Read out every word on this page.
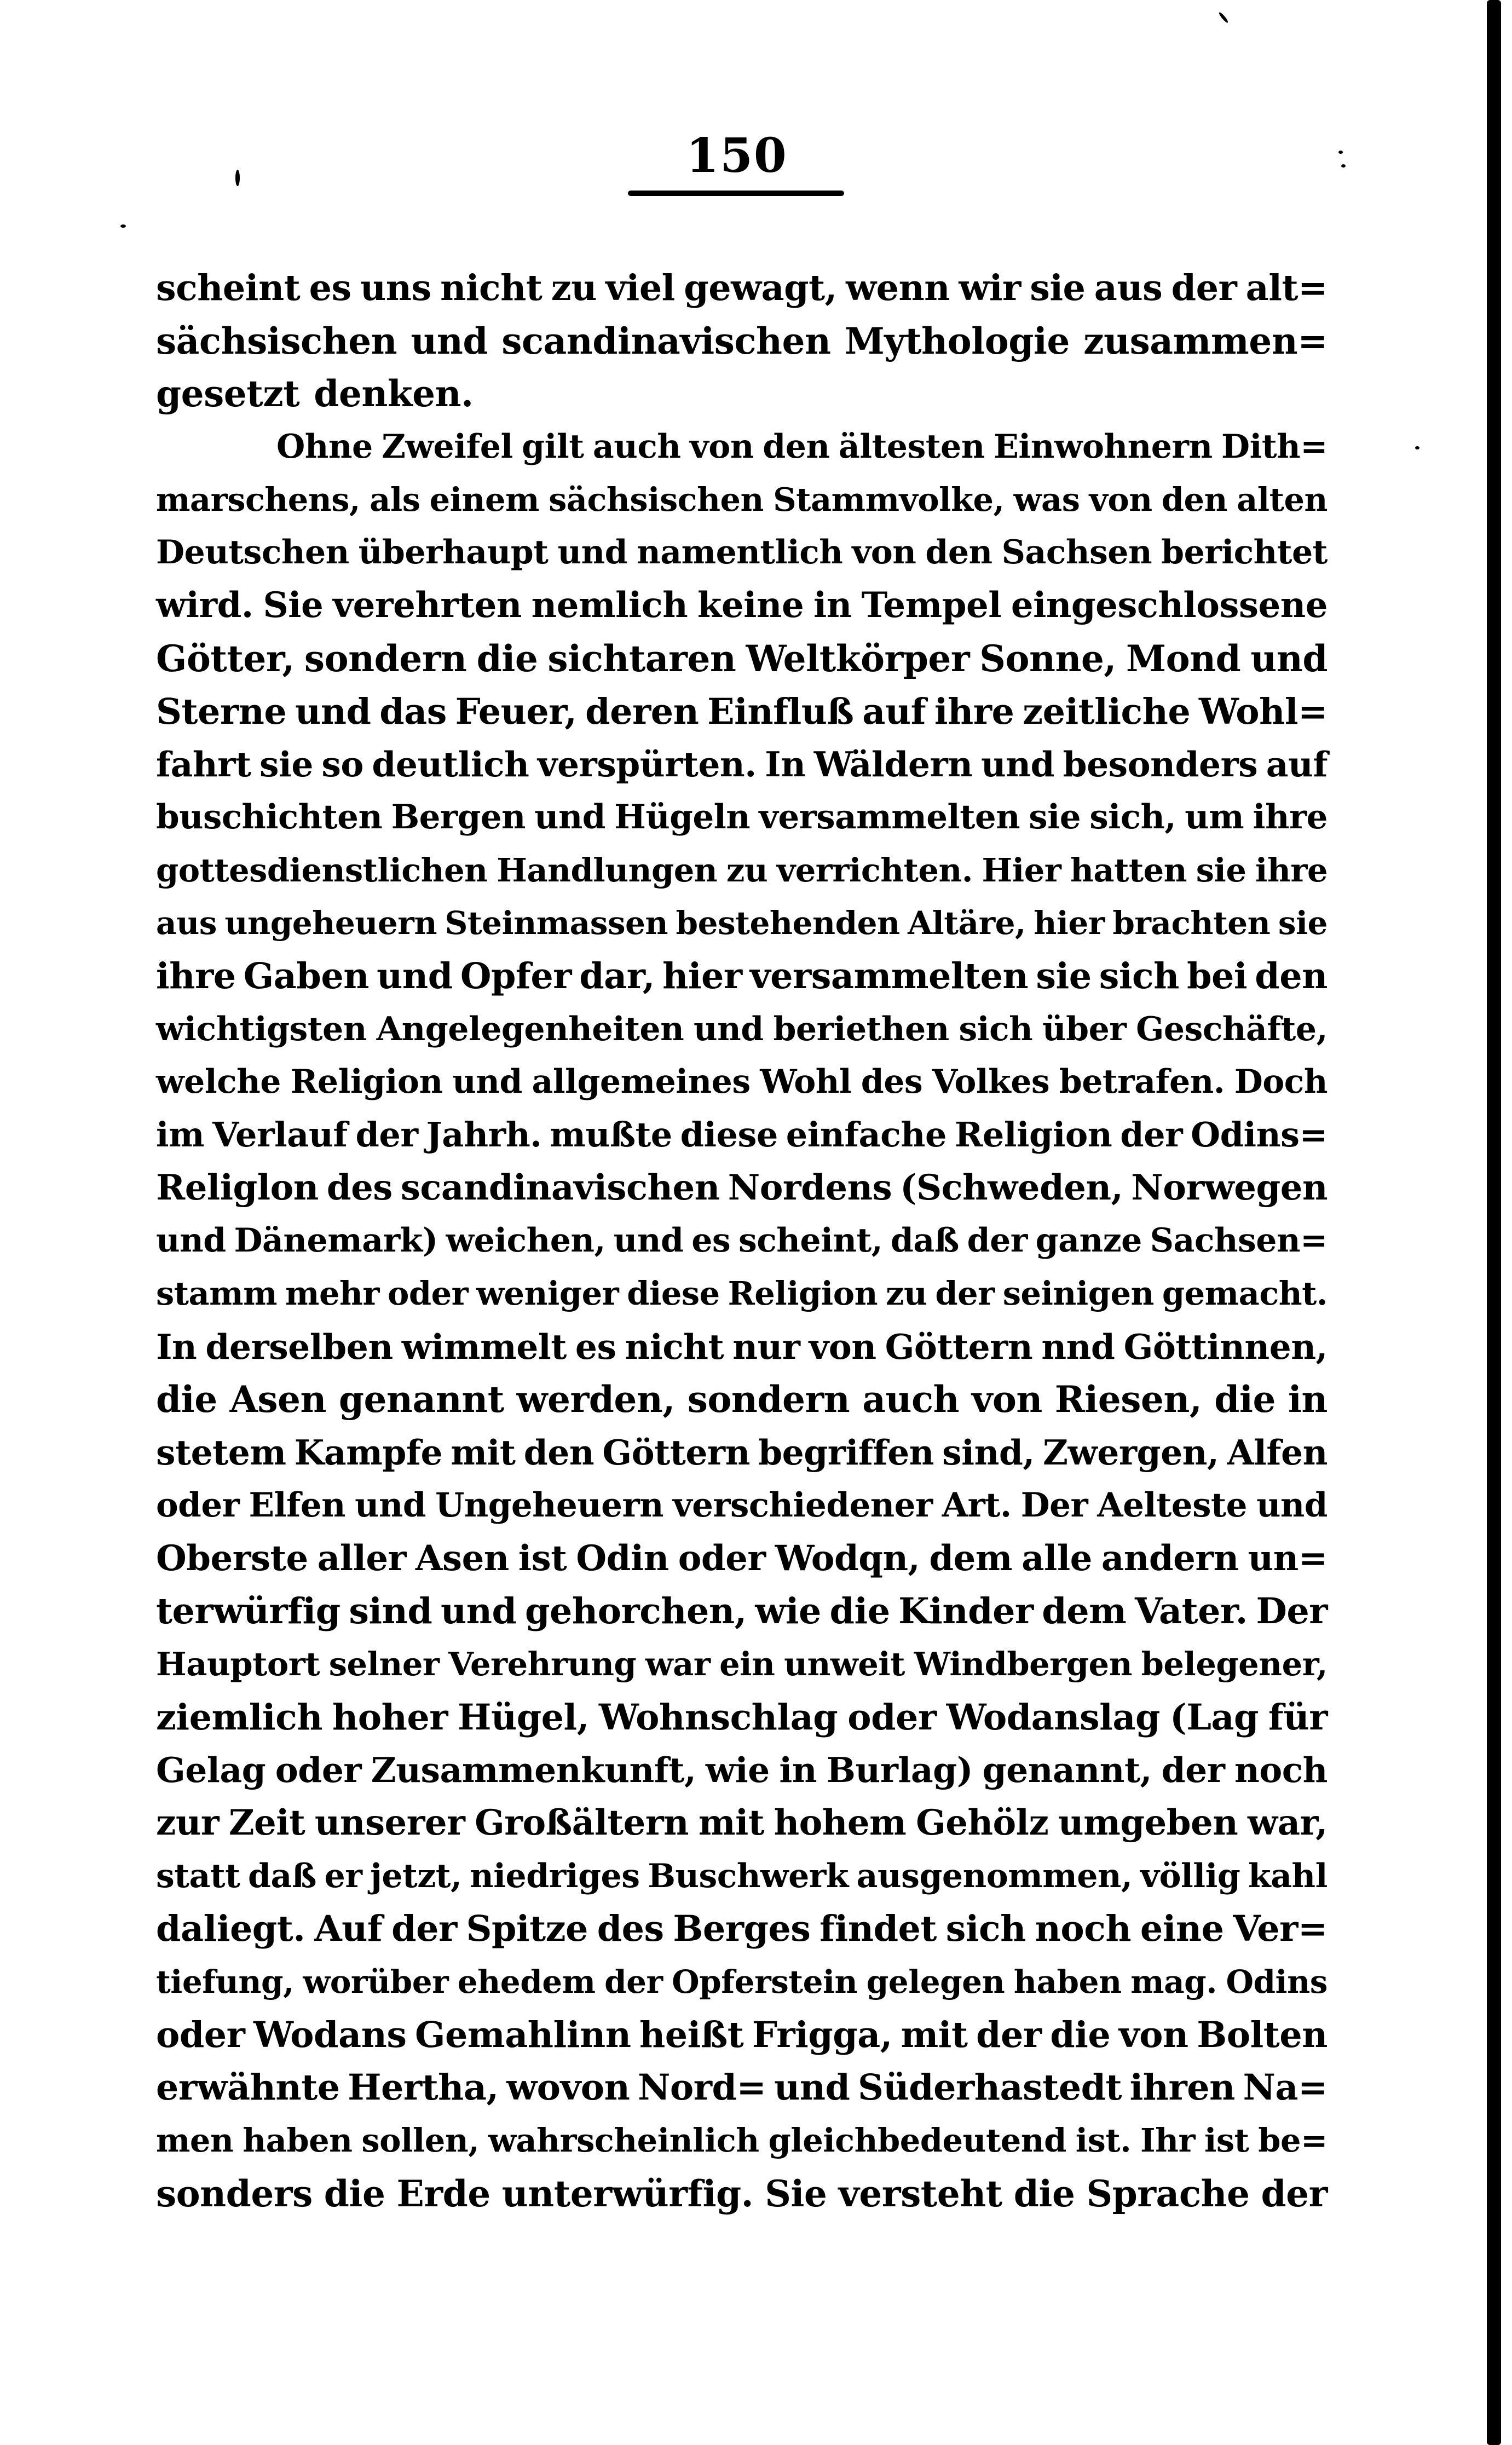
150
scheint es uns nicht zu viel gewagt, wenn wir sie aus der alt=
sächsischen und scandinavischen Mythologie zusammen=
gesetzt denken.
Ohne Zweifel gilt auch von den ältesten Einwohnern Dith=
marschens, als einem sächsischen Stammvolke, was von den alten
Deutschen überhaupt und namentlich von den Sachsen berichtet
wird. Sie verehrten nemlich keine in Tempel eingeschlossene
Götter, sondern die sichtaren Weltkörper Sonne, Mond und
Sterne und das Feuer, deren Einfluß auf ihre zeitliche Wohl=
fahrt sie so deutlich verspürten. In Wäldern und besonders auf
buschichten Bergen und Hügeln versammelten sie sich, um ihre
gottesdienstlichen Handlungen zu verrichten. Hier hatten sie ihre
aus ungeheuern Steinmassen bestehenden Altäre, hier brachten sie
ihre Gaben und Opfer dar, hier versammelten sie sich bei den
wichtigsten Angelegenheiten und beriethen sich über Geschäfte,
welche Religion und allgemeines Wohl des Volkes betrafen. Doch
im Verlauf der Jahrh. mußte diese einfache Religion der Odins=
Religlon des scandinavischen Nordens (Schweden, Norwegen
und Dänemark) weichen, und es scheint, daß der ganze Sachsen=
stamm mehr oder weniger diese Religion zu der seinigen gemacht.
In derselben wimmelt es nicht nur von Göttern nnd Göttinnen,
die Asen genannt werden, sondern auch von Riesen, die in
stetem Kampfe mit den Göttern begriffen sind, Zwergen, Alfen
oder Elfen und Ungeheuern verschiedener Art. Der Aelteste und
Oberste aller Asen ist Odin oder Wodqn, dem alle andern un=
terwürfig sind und gehorchen, wie die Kinder dem Vater. Der
Hauptort selner Verehrung war ein unweit Windbergen belegener,
ziemlich hoher Hügel, Wohnschlag oder Wodanslag (Lag für
Gelag oder Zusammenkunft, wie in Burlag) genannt, der noch
zur Zeit unserer Großältern mit hohem Gehölz umgeben war,
statt daß er jetzt, niedriges Buschwerk ausgenommen, völlig kahl
daliegt. Auf der Spitze des Berges findet sich noch eine Ver=
tiefung, worüber ehedem der Opferstein gelegen haben mag. Odins
oder Wodans Gemahlinn heißt Frigga, mit der die von Bolten
erwähnte Hertha, wovon Nord= und Süderhastedt ihren Na=
men haben sollen, wahrscheinlich gleichbedeutend ist. Ihr ist be=
sonders die Erde unterwürfig. Sie versteht die Sprache der
